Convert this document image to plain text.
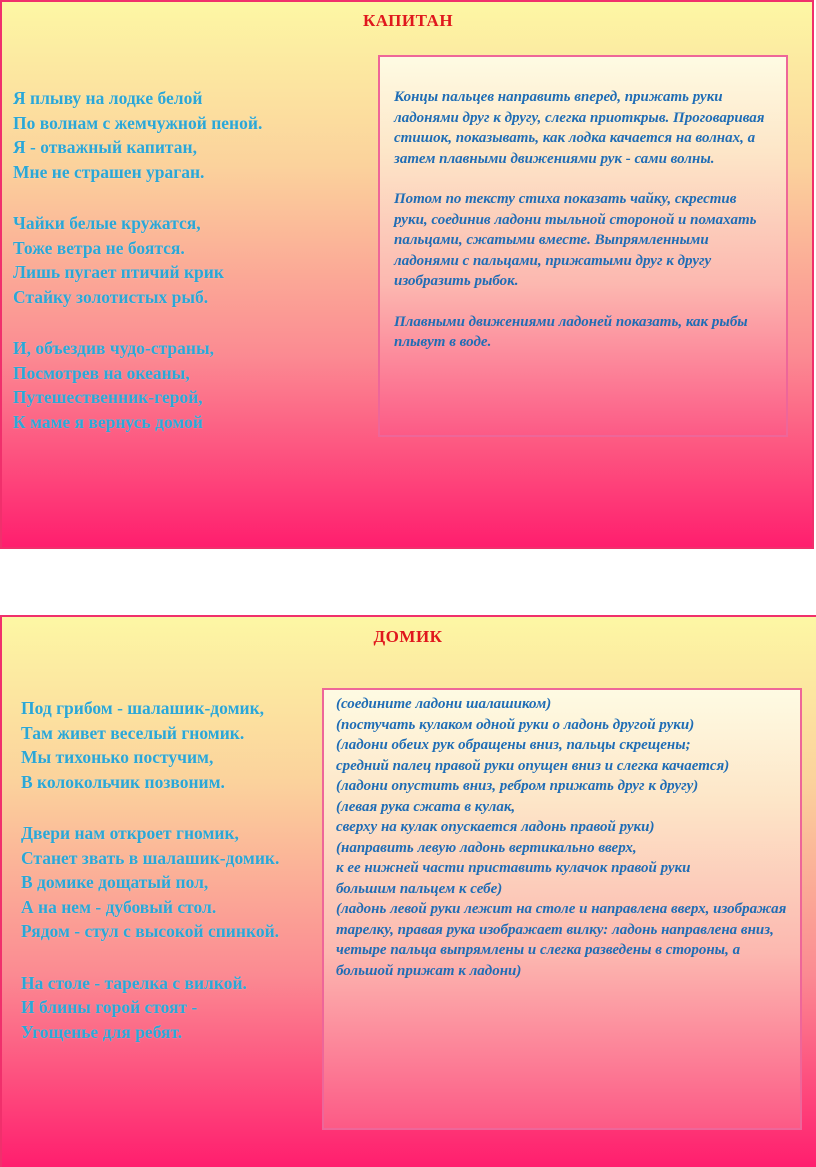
КАПИТАН
Я плыву на лодке белой
По волнам с жемчужной пеной.
Я - отважный капитан,
Мне не страшен ураган.
Чайки белые кружатся,
Тоже ветра не боятся.
Лишь пугает птичий крик
Стайку золотистых рыб.
И, объездив чудо-страны,
Посмотрев на океаны,
Путешественник-герой,
К маме я вернусь домой

Концы пальцев направить вперед, прижать руки ладонями друг к другу, слегка приоткрыв. Проговаривая стишок, показывать, как лодка качается на волнах, а затем плавными движениями рук - сами волны.

Потом по тексту стиха показать чайку, скрестив руки, соединив ладони тыльной стороной и помахать пальцами, сжатыми вместе. Выпрямленными ладонями с пальцами, прижатыми друг к другу изобразить рыбок.

Плавными движениями ладоней показать, как рыбы плывут в воде.

ДОМИК
Под грибом - шалашик-домик,
Там живет веселый гномик.
Мы тихонько постучим,
В колокольчик позвоним.
Двери нам откроет гномик,
Станет звать в шалашик-домик.
В домике дощатый пол,
А на нем - дубовый стол.
Рядом - стул с высокой спинкой.
На столе - тарелка с вилкой.
И блины горой стоят -
Угощенье для ребят.

(соедините ладони шалашиком)

(постучать кулаком одной руки о ладонь другой руки)

(ладони обеих рук обращены вниз, пальцы скрещены;

средний палец правой руки опущен вниз и слегка качается)

(ладони опустить вниз, ребром прижать друг к другу)

(левая рука сжата в кулак,

сверху на кулак опускается ладонь правой руки)

(направить левую ладонь вертикально вверх,

к ее нижней части приставить кулачок правой руки

большим пальцем к себе)

(ладонь левой руки лежит на столе и направлена вверх, изображая тарелку, правая рука изображает вилку: ладонь направлена вниз, четыре пальца выпрямлены и слегка разведены в стороны, а большой прижат к ладони)
